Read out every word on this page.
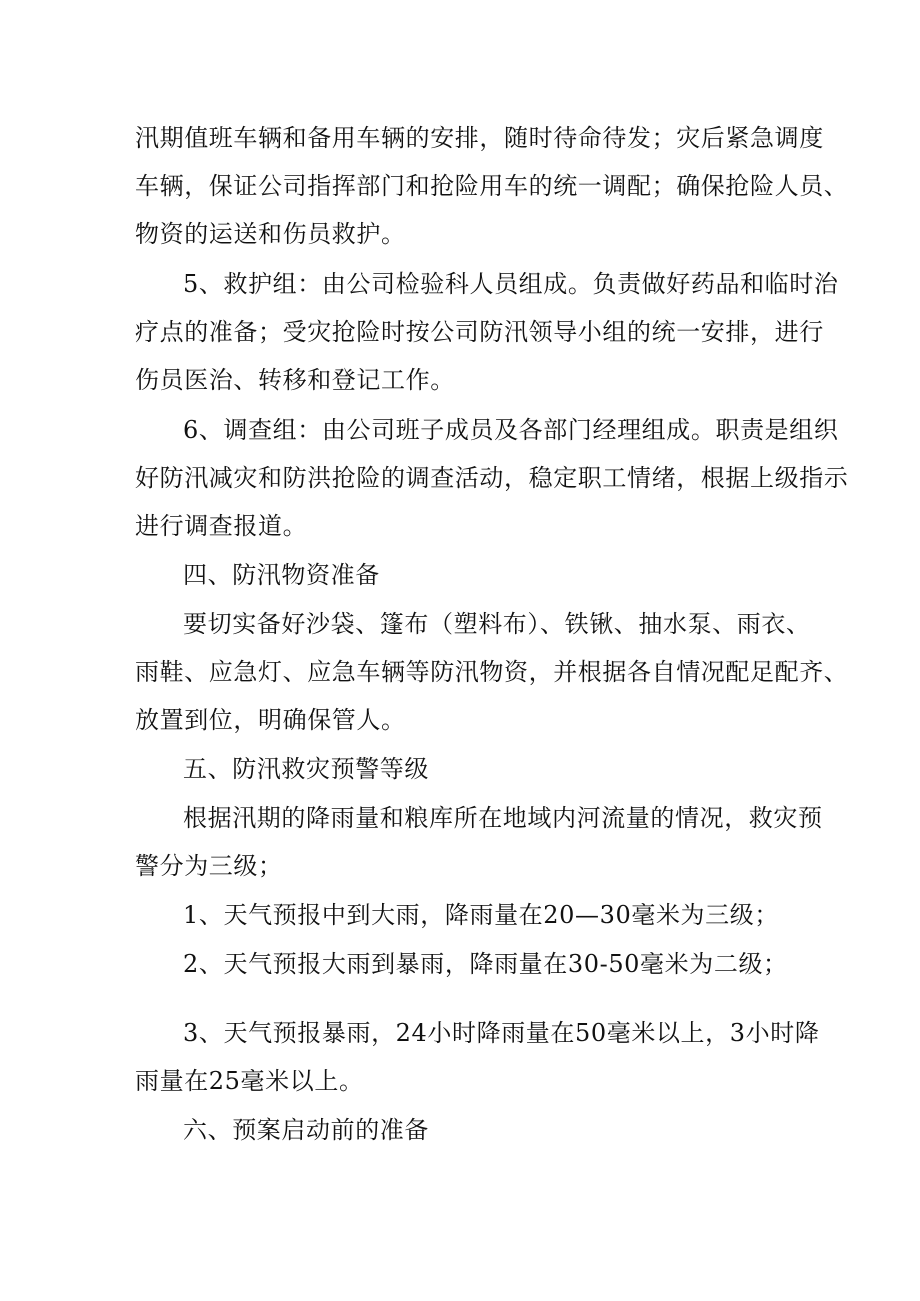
汛期值班车辆和备用车辆的安排，随时待命待发；灾后紧急调度
车辆，保证公司指挥部门和抢险用车的统一调配；确保抢险人员、
物资的运送和伤员救护。
5、救护组：由公司检验科人员组成。负责做好药品和临时治
疗点的准备；受灾抢险时按公司防汛领导小组的统一安排，进行
伤员医治、转移和登记工作。
6、调查组：由公司班子成员及各部门经理组成。职责是组织
好防汛减灾和防洪抢险的调查活动，稳定职工情绪，根据上级指示
进行调查报道。
四、防汛物资准备
要切实备好沙袋、篷布（塑料布）、铁锹、抽水泵、雨衣、
雨鞋、应急灯、应急车辆等防汛物资，并根据各自情况配足配齐、
放置到位，明确保管人。
五、防汛救灾预警等级
根据汛期的降雨量和粮库所在地域内河流量的情况，救灾预
警分为三级；
1、天气预报中到大雨，降雨量在20—30毫米为三级；
2、天气预报大雨到暴雨，降雨量在30-50毫米为二级；
3、天气预报暴雨，24小时降雨量在50毫米以上，3小时降
雨量在25毫米以上。
六、预案启动前的准备
